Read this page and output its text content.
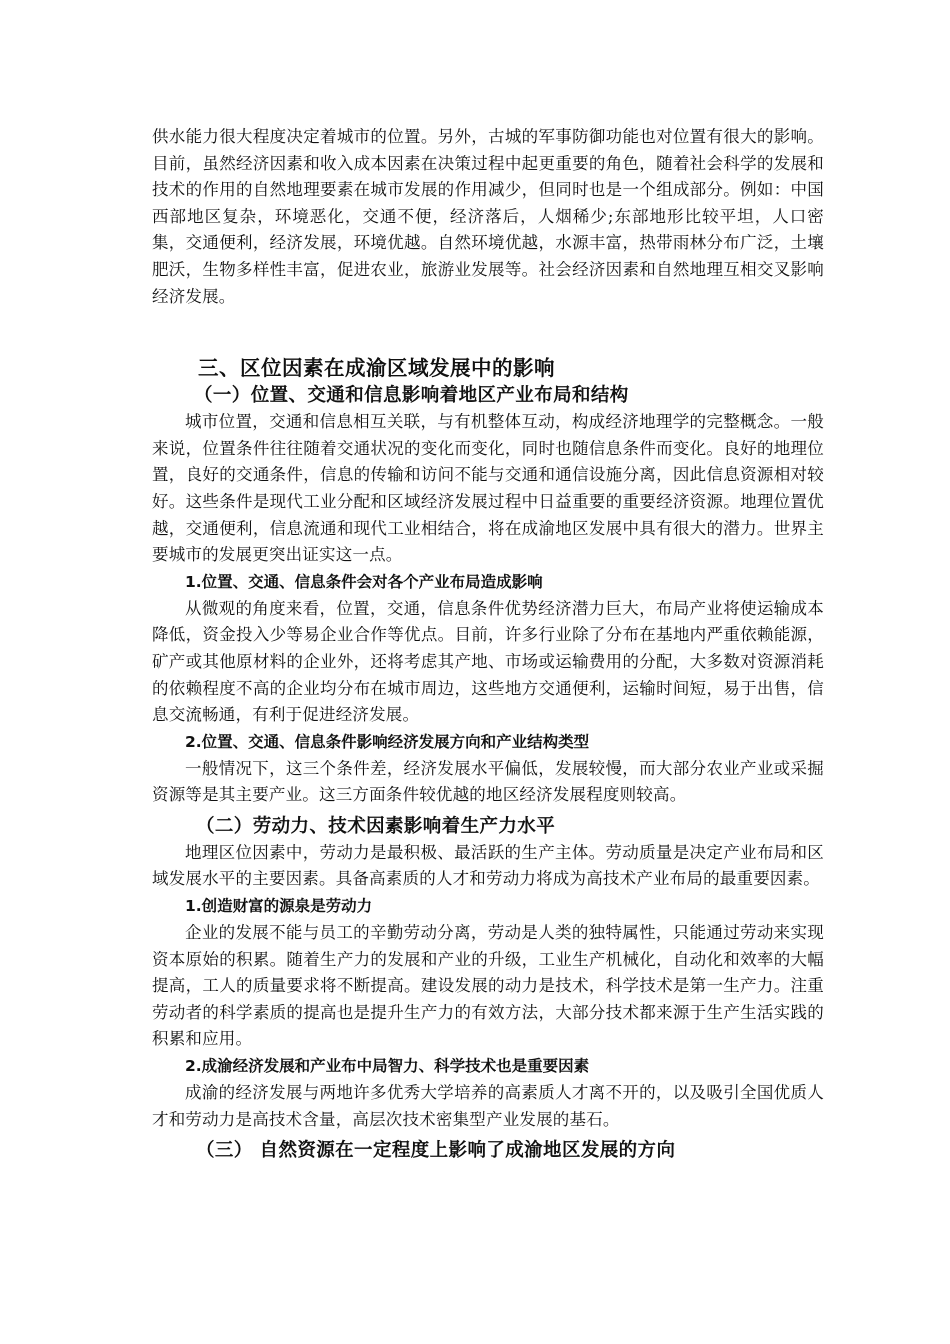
供水能力很大程度决定着城市的位置。另外，古城的军事防御功能也对位置有很大的影响。目前，虽然经济因素和收入成本因素在决策过程中起更重要的角色，随着社会科学的发展和技术的作用的自然地理要素在城市发展的作用减少，但同时也是一个组成部分。例如：中国西部地区复杂，环境恶化，交通不便，经济落后，人烟稀少;东部地形比较平坦，人口密集，交通便利，经济发展，环境优越。自然环境优越，水源丰富，热带雨林分布广泛，土壤肥沃，生物多样性丰富，促进农业，旅游业发展等。社会经济因素和自然地理互相交叉影响经济发展。

三、区位因素在成渝区域发展中的影响
（一）位置、交通和信息影响着地区产业布局和结构

城市位置，交通和信息相互关联，与有机整体互动，构成经济地理学的完整概念。一般来说，位置条件往往随着交通状况的变化而变化，同时也随信息条件而变化。良好的地理位置，良好的交通条件，信息的传输和访问不能与交通和通信设施分离，因此信息资源相对较好。这些条件是现代工业分配和区域经济发展过程中日益重要的重要经济资源。地理位置优越，交通便利，信息流通和现代工业相结合，将在成渝地区发展中具有很大的潜力。世界主要城市的发展更突出证实这一点。

1.位置、交通、信息条件会对各个产业布局造成影响

从微观的角度来看，位置，交通，信息条件优势经济潜力巨大，布局产业将使运输成本降低，资金投入少等易企业合作等优点。目前，许多行业除了分布在基地内严重依赖能源，矿产或其他原材料的企业外，还将考虑其产地、市场或运输费用的分配，大多数对资源消耗的依赖程度不高的企业均分布在城市周边，这些地方交通便利，运输时间短，易于出售，信息交流畅通，有利于促进经济发展。

2.位置、交通、信息条件影响经济发展方向和产业结构类型

一般情况下，这三个条件差，经济发展水平偏低，发展较慢，而大部分农业产业或采掘资源等是其主要产业。这三方面条件较优越的地区经济发展程度则较高。

（二）劳动力、技术因素影响着生产力水平

地理区位因素中，劳动力是最积极、最活跃的生产主体。劳动质量是决定产业布局和区域发展水平的主要因素。具备高素质的人才和劳动力将成为高技术产业布局的最重要因素。

1.创造财富的源泉是劳动力

企业的发展不能与员工的辛勤劳动分离，劳动是人类的独特属性，只能通过劳动来实现资本原始的积累。随着生产力的发展和产业的升级，工业生产机械化，自动化和效率的大幅提高，工人的质量要求将不断提高。建设发展的动力是技术，科学技术是第一生产力。注重劳动者的科学素质的提高也是提升生产力的有效方法，大部分技术都来源于生产生活实践的积累和应用。

2.成渝经济发展和产业布中局智力、科学技术也是重要因素

成渝的经济发展与两地许多优秀大学培养的高素质人才离不开的，以及吸引全国优质人才和劳动力是高技术含量，高层次技术密集型产业发展的基石。

（三） 自然资源在一定程度上影响了成渝地区发展的方向
